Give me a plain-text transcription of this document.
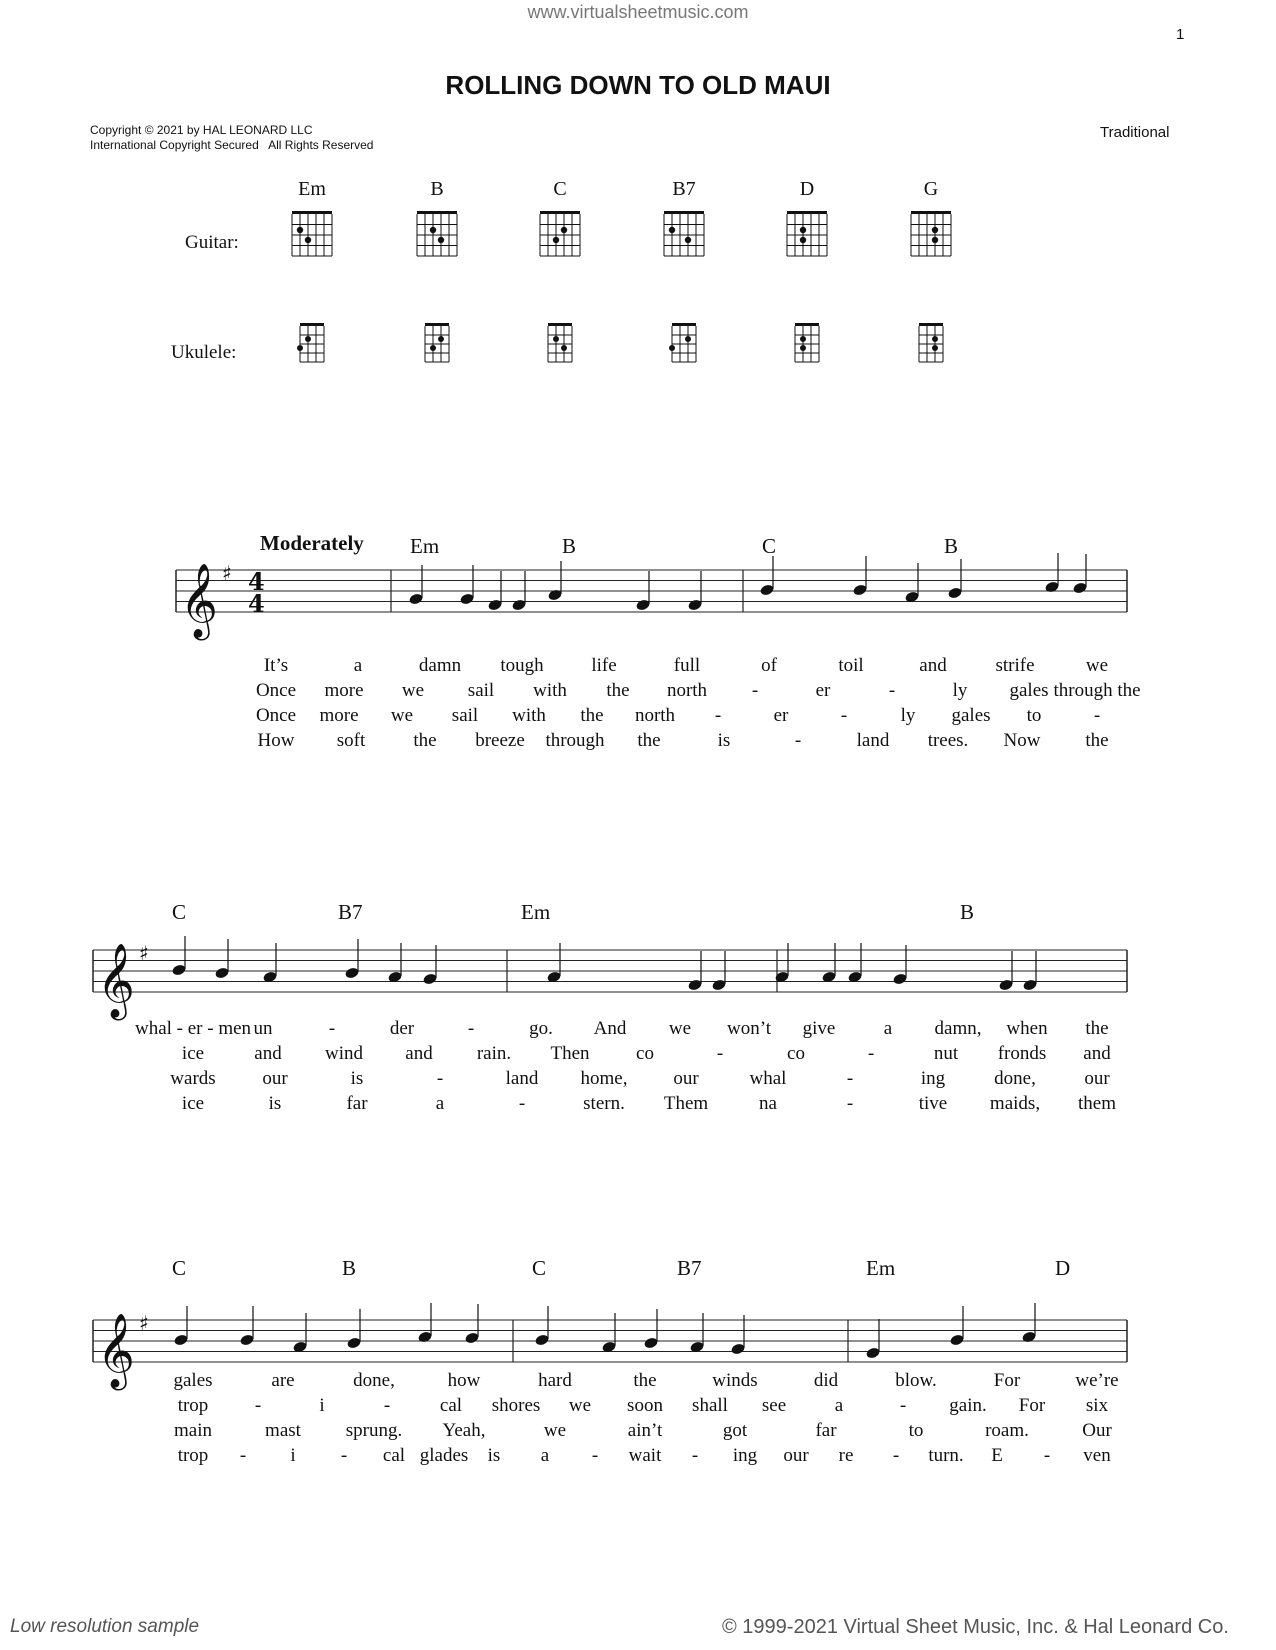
www.virtualsheetmusic.com
1
ROLLING DOWN TO OLD MAUI
Copyright © 2021 by HAL LEONARD LLC
International Copyright Secured   All Rights Reserved
Traditional
Guitar:
Ukulele:
Em	B	C	B7	D	G
Moderately
𝄞 ♯ 4
4
𝄞 ♯
𝄞 ♯
Em	B	C	B
It’s	a	damn tough	life	full	of	toil	and	strife	we
Once more we sail with the north -	er	-	ly gales through the
Once more we sail with the north -	er	-	ly gales to	-
How soft	the breeze through the	is	-	land trees. Now the
C	B7	Em	B
whal - er - men un	-	der	-	go. And we won’t give	a damn, when the
ice	and wind and rain. Then co	-	co	-	nut fronds and
wards our	is	-	land home, our	whal	-	ing	done,	our
ice	is	far	a	-	stern. Them	na	-	tive maids, them
C	B	C	B7	Em	D
gales	are	done,	how	hard	the	winds	did	blow.	For	we’re
trop -	i	-	cal shores we soon shall see	a	- gain. For six
main	mast sprung. Yeah,	we	ain’t	got	far	to	roam.	Our
trop - i - cal glades is a - wait - ing our re - turn. E - ven
Low resolution sample	© 1999-2021 Virtual Sheet Music, Inc. & Hal Leonard Co.
